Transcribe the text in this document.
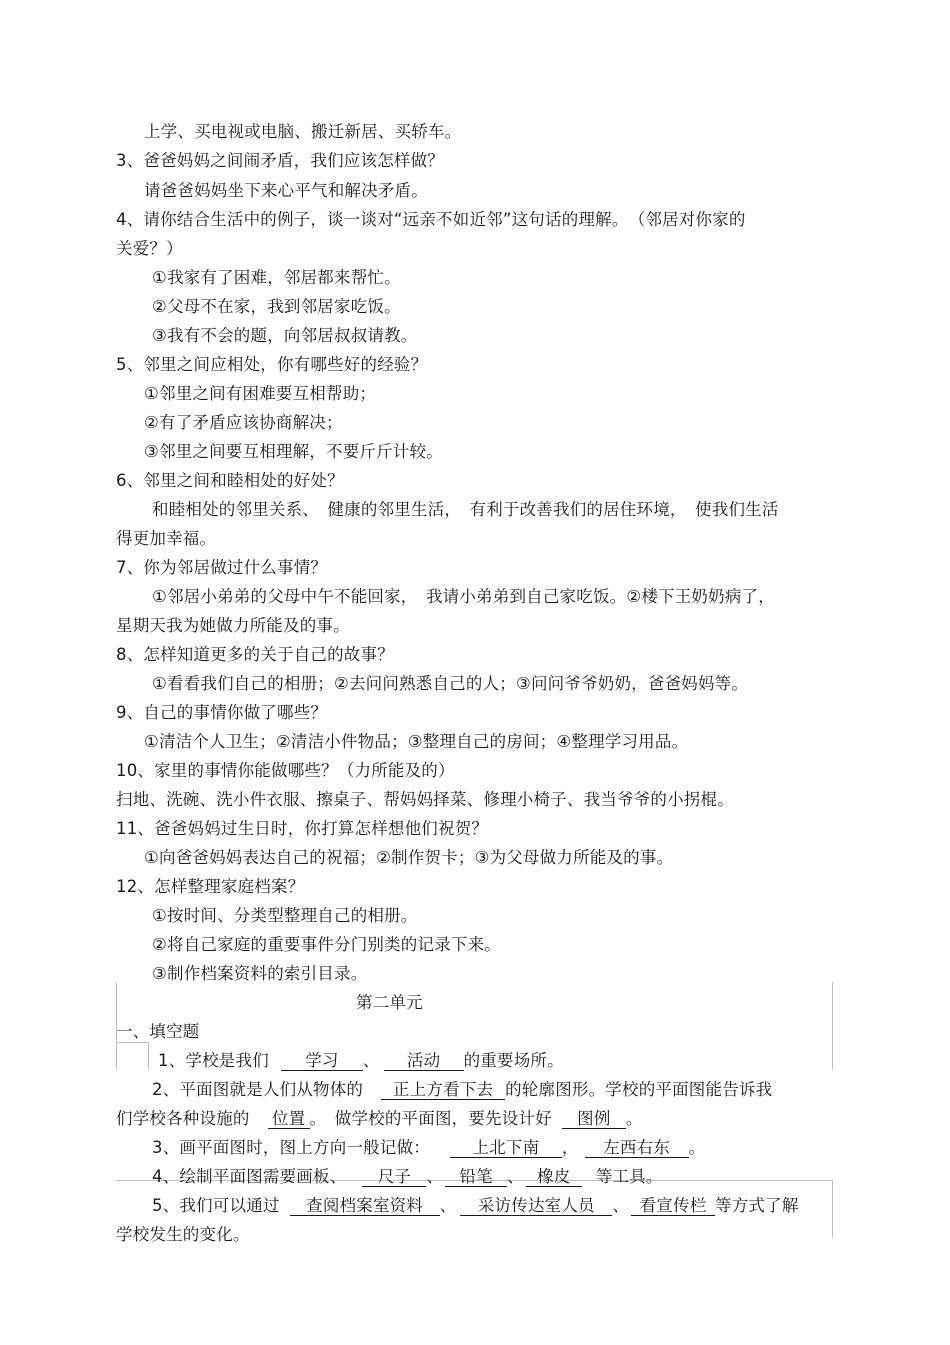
上学、买电视或电脑、搬迁新居、买轿车。
3、爸爸妈妈之间闹矛盾，我们应该怎样做？
请爸爸妈妈坐下来心平气和解决矛盾。
4、请你结合生活中的例子，谈一谈对“远亲不如近邻”这句话的理解。　（邻居对你家的
关爱？）
①我家有了困难，邻居都来帮忙。
②父母不在家，我到邻居家吃饭。
③我有不会的题，向邻居叔叔请教。
5、邻里之间应相处，你有哪些好的经验？
①邻里之间有困难要互相帮助；
②有了矛盾应该协商解决；
③邻里之间要互相理解，不要斤斤计较。
6、邻里之间和睦相处的好处？
和睦相处的邻里关系、　健康的邻里生活，　有利于改善我们的居住环境，　使我们生活
得更加幸福。
7、你为邻居做过什么事情？
①邻居小弟弟的父母中午不能回家，　我请小弟弟到自己家吃饭。②楼下王奶奶病了，
星期天我为她做力所能及的事。
8、怎样知道更多的关于自己的故事？
①看看我们自己的相册；②去问问熟悉自己的人；③问问爷爷奶奶，爸爸妈妈等。
9、自己的事情你做了哪些？
①清洁个人卫生；②清洁小件物品；③整理自己的房间；④整理学习用品。
10、家里的事情你能做哪些？（力所能及的）
扫地、洗碗、洗小件衣服、擦桌子、帮妈妈择菜、修理小椅子、我当爷爷的小拐棍。
11、爸爸妈妈过生日时，你打算怎样想他们祝贺？
①向爸爸妈妈表达自己的祝福；②制作贺卡；③为父母做力所能及的事。
12、怎样整理家庭档案？
①按时间、分类型整理自己的相册。
②将自己家庭的重要事件分门别类的记录下来。
③制作档案资料的索引目录。
第二单元
一、填空题
1、学校是我们 学习 、 活动 的重要场所。
2、平面图就是人们从物体的 正上方看下去 的轮廓图形。学校的平面图能告诉我
们学校各种设施的 位置 。　做学校的平面图，要先设计好 图例 。
3、画平面图时，图上方向一般记做：	上北下南 ， 左西右东 。
4、绘制平面图需要画板、 尺子 、 铅笔 、 橡皮 等工具。
5、我们可以通过 查阅档案室资料 、 采访传达室人员 、 看宣传栏 等方式了解
学校发生的变化。
